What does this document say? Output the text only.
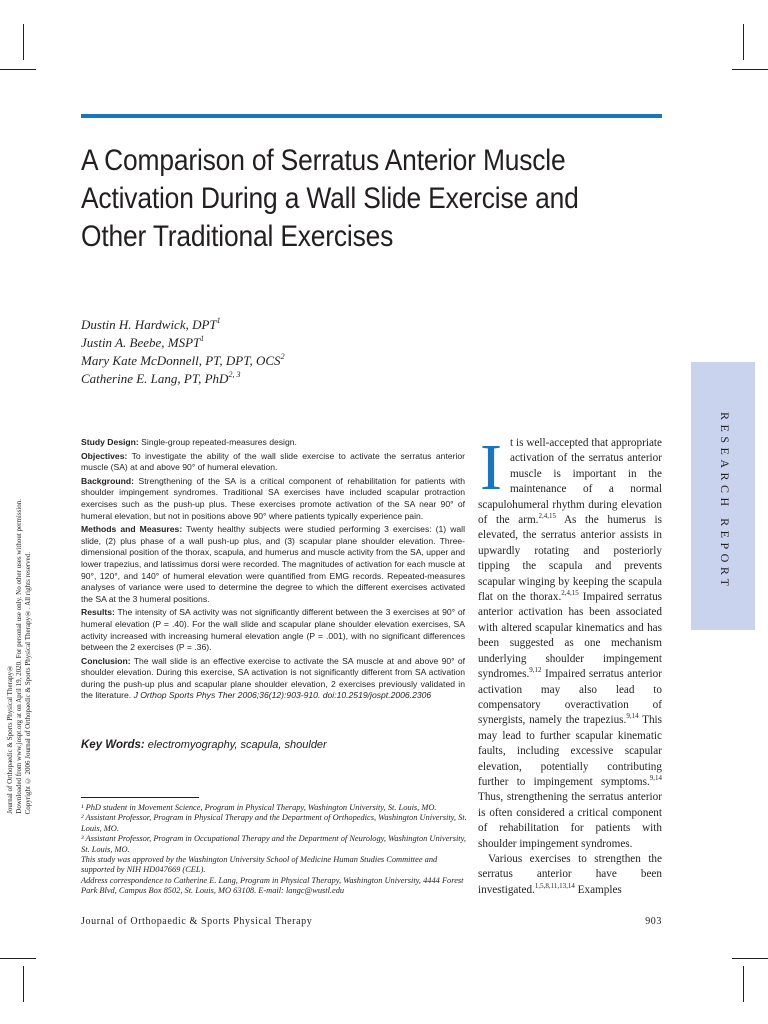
A Comparison of Serratus Anterior Muscle Activation During a Wall Slide Exercise and Other Traditional Exercises
Dustin H. Hardwick, DPT$^1$
Justin A. Beebe, MSPT$^1$
Mary Kate McDonnell, PT, DPT, OCS$^2$
Catherine E. Lang, PT, PhD$^{2, 3}$
RESEARCH REPORT
Journal of Orthopaedic & Sports Physical Therapy® Downloaded from www.jospt.org at on April 19, 2020. For personal use only. No other uses without permission. Copyright © 2006 Journal of Orthopaedic & Sports Physical Therapy®. All rights reserved.

Study Design: Single-group repeated-measures design.

Objectives: To investigate the ability of the wall slide exercise to activate the serratus anterior muscle (SA) at and above 90° of humeral elevation.

Background: Strengthening of the SA is a critical component of rehabilitation for patients with shoulder impingement syndromes. Traditional SA exercises have included scapular protraction exercises such as the push-up plus. These exercises promote activation of the SA near 90° of humeral elevation, but not in positions above 90° where patients typically experience pain.

Methods and Measures: Twenty healthy subjects were studied performing 3 exercises: (1) wall slide, (2) plus phase of a wall push-up plus, and (3) scapular plane shoulder elevation. Three-dimensional position of the thorax, scapula, and humerus and muscle activity from the SA, upper and lower trapezius, and latissimus dorsi were recorded. The magnitudes of activation for each muscle at 90°, 120°, and 140° of humeral elevation were quantified from EMG records. Repeated-measures analyses of variance were used to determine the degree to which the different exercises activated the SA at the 3 humeral positions.

Results: The intensity of SA activity was not significantly different between the 3 exercises at 90° of humeral elevation (P = .40). For the wall slide and scapular plane shoulder elevation exercises, SA activity increased with increasing humeral elevation angle (P = .001), with no significant differences between the 2 exercises (P = .36).

Conclusion: The wall slide is an effective exercise to activate the SA muscle at and above 90° of shoulder elevation. During this exercise, SA activation is not significantly different from SA activation during the push-up plus and scapular plane shoulder elevation, 2 exercises previously validated in the literature. J Orthop Sports Phys Ther 2006;36(12):903-910. doi:10.2519/jospt.2006.2306

Key Words: electromyography, scapula, shoulder

¹ PhD student in Movement Science, Program in Physical Therapy, Washington University, St. Louis, MO.

² Assistant Professor, Program in Physical Therapy and the Department of Orthopedics, Washington University, St. Louis, MO.

³ Assistant Professor, Program in Occupational Therapy and the Department of Neurology, Washington University, St. Louis, MO.

This study was approved by the Washington University School of Medicine Human Studies Committee and supported by NIH HD047669 (CEL).

Address correspondence to Catherine E. Lang, Program in Physical Therapy, Washington University, 4444 Forest Park Blvd, Campus Box 8502, St. Louis, MO 63108. E-mail: langc@wustl.edu

It is well-accepted that appropriate activation of the serratus anterior muscle is important in the maintenance of a normal scapulohumeral rhythm during elevation of the arm.$^{2,4,15}$ As the humerus is elevated, the serratus anterior assists in upwardly rotating and posteriorly tipping the scapula and prevents scapular winging by keeping the scapula flat on the thorax.$^{2,4,15}$ Impaired serratus anterior activation has been associated with altered scapular kinematics and has been suggested as one mechanism underlying shoulder impingement syndromes.$^{9,12}$ Impaired serratus anterior activation may also lead to compensatory overactivation of synergists, namely the trapezius.$^{9,14}$ This may lead to further scapular kinematic faults, including excessive scapular elevation, potentially contributing further to impingement symptoms.$^{9,14}$ Thus, strengthening the serratus anterior is often considered a critical component of rehabilitation for patients with shoulder impingement syndromes.
Various exercises to strengthen the serratus anterior have been investigated.$^{1,5,8,11,13,14}$ Examples
Journal of Orthopaedic & Sports Physical Therapy	903
